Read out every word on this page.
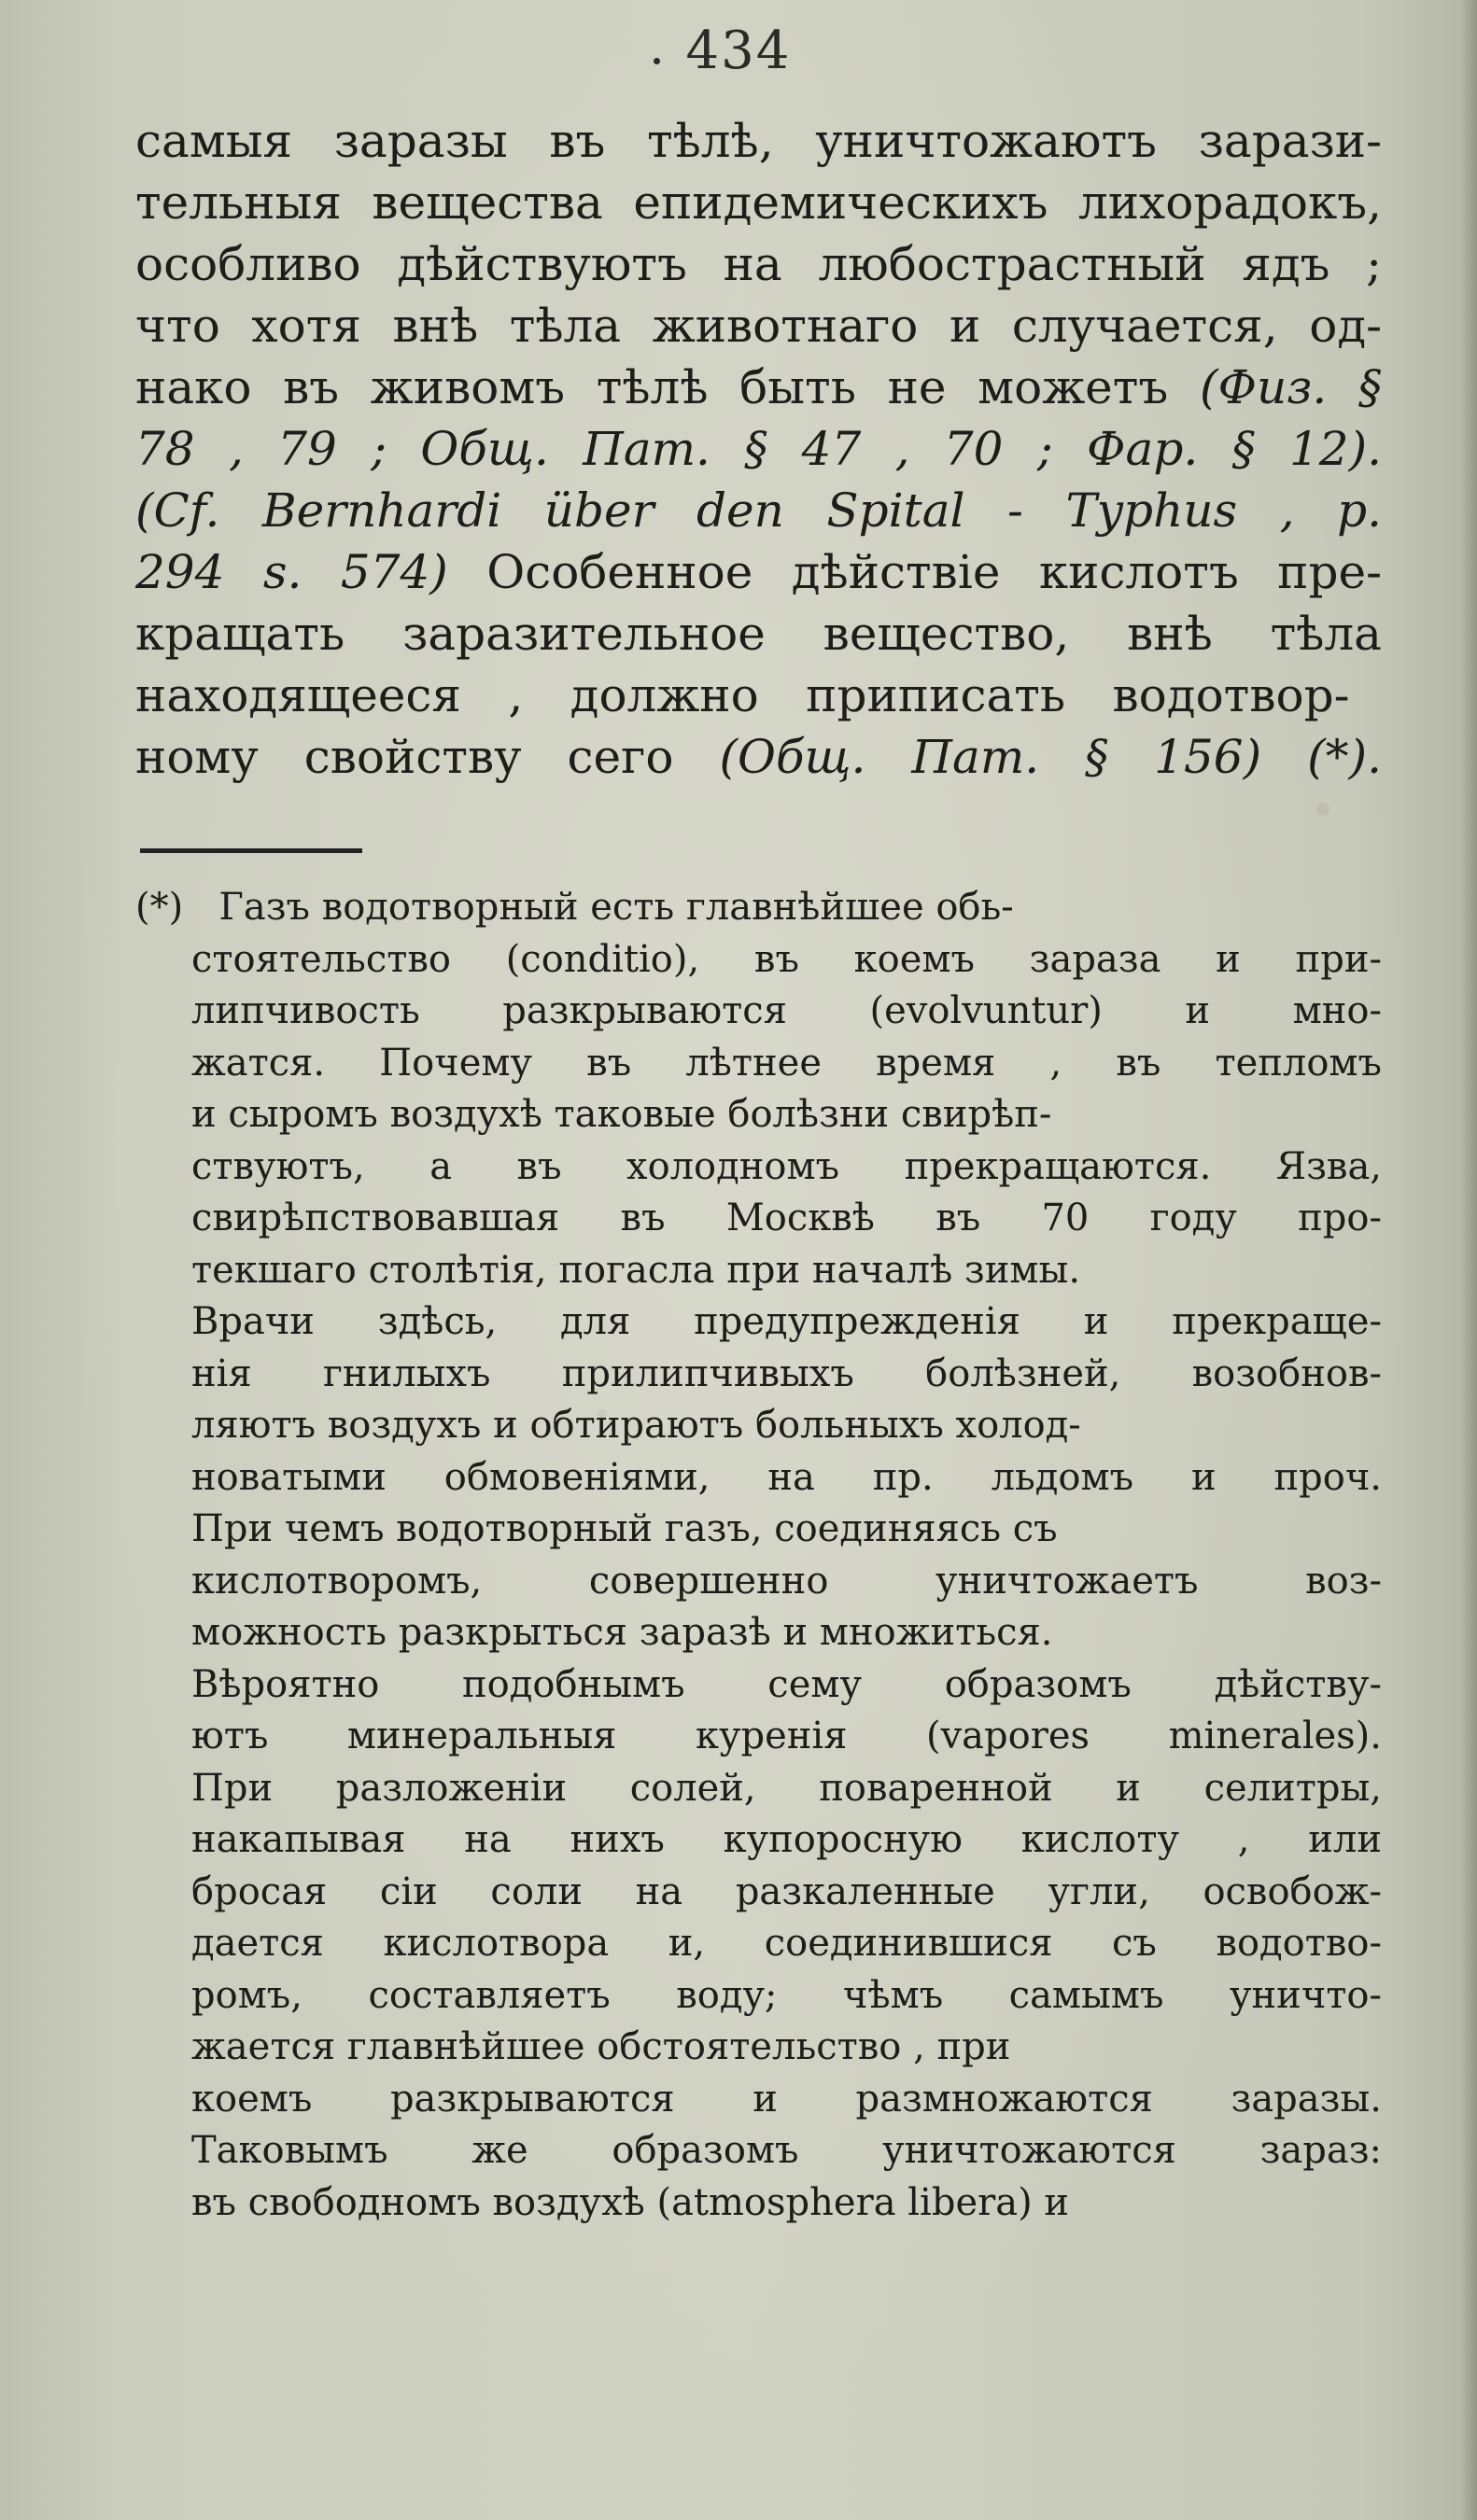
434
самыя заразы въ тѣлѣ, уничтожаютъ зарази-
тельныя вещества епидемическихъ лихорадокъ,
особливо дѣйствуютъ на любострастный ядъ ;
что хотя внѣ тѣла животнаго и случается, од-
нако въ живомъ тѣлѣ быть не можетъ (Физ. §
78 , 79 ; Общ. Пат. § 47 , 70 ; Фар. § 12).
(Cf. Bernhardi über den Spital - Typhus , p.
294 s. 574) Особенное дѣйствіе кислотъ пре-
кращать заразительное вещество, внѣ тѣла
находящееся , должно приписать водотвор-
ному свойству сего (Общ. Пат. § 156) (*).
(*) Газъ водотворный есть главнѣйшее обь-
стоятельство (conditio), въ коемъ зараза и при-
липчивость разкрываются (evolvuntur) и мно-
жатся. Почему въ лѣтнее время , въ тепломъ
и сыромъ воздухѣ таковые болѣзни свирѣп-
ствуютъ, а въ холодномъ прекращаются. Язва,
свирѣпствовавшая въ Москвѣ въ 70 году про-
текшаго столѣтія, погасла при началѣ зимы.
Врачи здѣсь, для предупрежденія и прекраще-
нія гнилыхъ прилипчивыхъ болѣзней, возобнов-
ляютъ воздухъ и обтираютъ больныхъ холод-
новатыми обмовеніями, на пр. льдомъ и проч.
При чемъ водотворный газъ, соединяясь съ
кислотворомъ, совершенно уничтожаетъ воз-
можность разкрыться заразѣ и множиться.
Вѣроятно подобнымъ сему образомъ дѣйству-
ютъ минеральныя куренія (vapores minerales).
При разложеніи солей, поваренной и селитры,
накапывая на нихъ купоросную кислоту , или
бросая сіи соли на разкаленные угли, освобож-
дается кислотвора и, соединившися съ водотво-
ромъ, составляетъ воду; чѣмъ самымъ уничто-
жается главнѣйшее обстоятельство , при
коемъ разкрываются и размножаются заразы.
Таковымъ же образомъ уничтожаются зараз:
въ свободномъ воздухѣ (atmosphera libera) и
